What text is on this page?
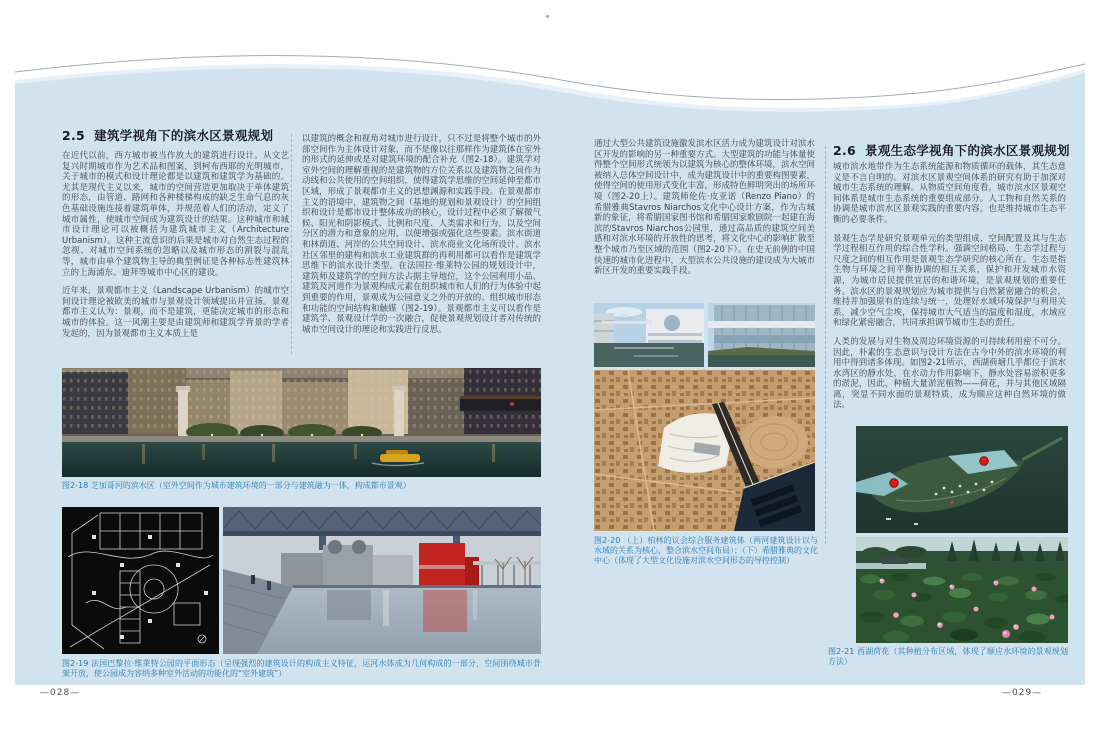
2.5 建筑学视角下的滨水区景观规划

在近代以前，西方城市被当作放大的建筑进行设计。从文艺复兴时期城市作为艺术品和图案，到柯布西耶的光明城市，关于城市的模式和设计理论都是以建筑和建筑学为基础的。尤其是现代主义以来，城市的空间营造更加取决于单体建筑的形态，由管道、路网和各种楼梯构成的缺乏生命气息的灰色基础设施连接着建筑单体，并规范着人们的活动，定义了城市属性，使城市空间成为建筑设计的结果。这种城市和城市设计理论可以被概括为建筑城市主义（Architecture Urbanism）。这种主流意识的后果是城市对自然生态过程的忽视、对城市空间系统的忽略以及城市形态的割裂与混乱等，城市由单个建筑物主导的典型例证是各种标志性建筑林立的上海浦东、迪拜等城市中心区的建设。

近年来，景观都市主义（Landscape Urbanism）的城市空间设计理论被欧美的城市与景观设计领域提出并宣扬。景观都市主义认为：景观，而不是建筑，更能决定城市的形态和城市的体验。这一风潮主要是由建筑师和建筑学背景的学者发起的，因为景观都市主义本质上是

以建筑的概念和视角对城市进行设计，只不过是将整个城市的外部空间作为主体设计对象，而不是像以往那样作为建筑体在室外的形式的延伸或是对建筑环境的配合补充（图2-18）。建筑学对室外空间的理解重视的是建筑物的方位关系以及建筑物之间作为动线和公共使用的空间组织，使得建筑学思维的空间延伸至都市区域，形成了景观都市主义的思想渊源和实践手段。在景观都市主义的语境中，建筑物之间（基地的规划和景观设计）的空间组织和设计是都市设计整体成功的核心，设计过程中必须了解微气候、阳光和阴影模式、比例和尺度、人类需求和行为，以及空间分区的潜力和意象的应用，以便增强或强化这些要素。滨水街道和林荫道、河岸的公共空间设计、滨水商业文化场所设计、滨水社区邻里的建构和滨水工业建筑群的再利用都可以看作是建筑学思维下的滨水设计类型。在法国拉·维莱特公园的规划设计中，建筑师及建筑学的空间方法占据主导地位，这个公园利用小品、建筑及河道作为景观构成元素在组织城市和人们的行为体验中起到重要的作用，景观成为公园意义之外的开放的、组织城市形态和功能的空间结构和触媒（图2-19）。景观都市主义可以看作是建筑学、景观设计学的一次融合，促使景观规划设计者对传统的城市空间设计的理论和实践进行反思。

图2-18 芝加哥河的滨水区（室外空间作为城市建筑环境的一部分与建筑融为一体，构成都市景观）
图2-19 法国巴黎拉·维莱特公园的平面形态（呈现强烈的建筑设计的构成主义特征，运河水体成为几何构成的一部分，空间围绕城市骨架开放，使公园成为容纳多种室外活动的功能化的“室外建筑”）
—028—

通过大型公共建筑设施激发滨水区活力成为建筑设计对滨水区开发的影响的另一种重要方式。大型建筑的功能与体量使得整个空间形式统领为以建筑为核心的整体环境，滨水空间被纳入总体空间设计中，成为建筑设计中的重要构图要素，使得空间的使用形式变化丰富，形成特色鲜明突出的场所环境（图2-20上）。建筑师伦佐·皮亚诺（Renzo Piano）的希腊雅典Stavros Niarchos文化中心设计方案，作为古城新的象征，将希腊国家图书馆和希腊国家歌剧院一起建在海滨的Stavros Niarchos公园里，通过高品质的建筑空间美感和对滨水环境的开放性的思考，将文化中心的影响扩散至整个城市乃至区域的范围（图2-20下）。在史无前例的中国快速的城市化进程中，大型滨水公共设施的建设成为大城市新区开发的重要实践手段。

图2-20 （上）柏林的议会综合服务建筑体（两河建筑设计以与水域的关系为核心，整合滨水空间布局）；（下）希腊雅典的文化中心（体现了大型文化设施对滨水空间形态的导控控制）
2.6 景观生态学视角下的滨水区景观规划

城市滨水地带作为生态系统能源和物质循环的载体，其生态意义是不言自明的。对滨水区景观空间体系的研究有助于加深对城市生态系统的理解。从物质空间角度看，城市滨水区景观空间体系是城市生态系统的重要组成部分。人工物和自然关系的协调是城市滨水区景观实践的重要内容，也是维持城市生态平衡的必要条件。

景观生态学是研究景观单元的类型组成、空间配置及其与生态学过程相互作用的综合性学科。强调空间格局、生态学过程与尺度之间的相互作用是景观生态学研究的核心所在。生态是指生物与环境之间平衡协调的相互关系，保护和开发城市水资源，为城市居民提供宜居的和谐环境，是景观规划的重要任务。滨水区的景观规划应为城市提供与自然紧密融合的机会，维持并加强原有的连续与统一，处理好水域环境保护与利用关系，减少空气尘埃，保持城市大气适当的温度和湿度，水域应和绿化紧密融合，共同承担调节城市生态的责任。

人类的发展与对生物及周边环境资源的可持续利用密不可分。因此，朴素的生态意识与设计方法在古今中外的滨水环境的利用中得到诸多体现。如图2-21所示，西湖荷塘几乎都位于滨水水湾区的静水处，在水动力作用影响下，静水处容易淤积更多的淤泥，因此，种植大量淤泥植物——荷花，并与其他区域隔离，突显不同水面的景观特质，成为顺应这种自然环境的做法。

图2-21 西湖荷花（其种植分布区域，体现了顺应水环境的景观规划方法）
—029—
